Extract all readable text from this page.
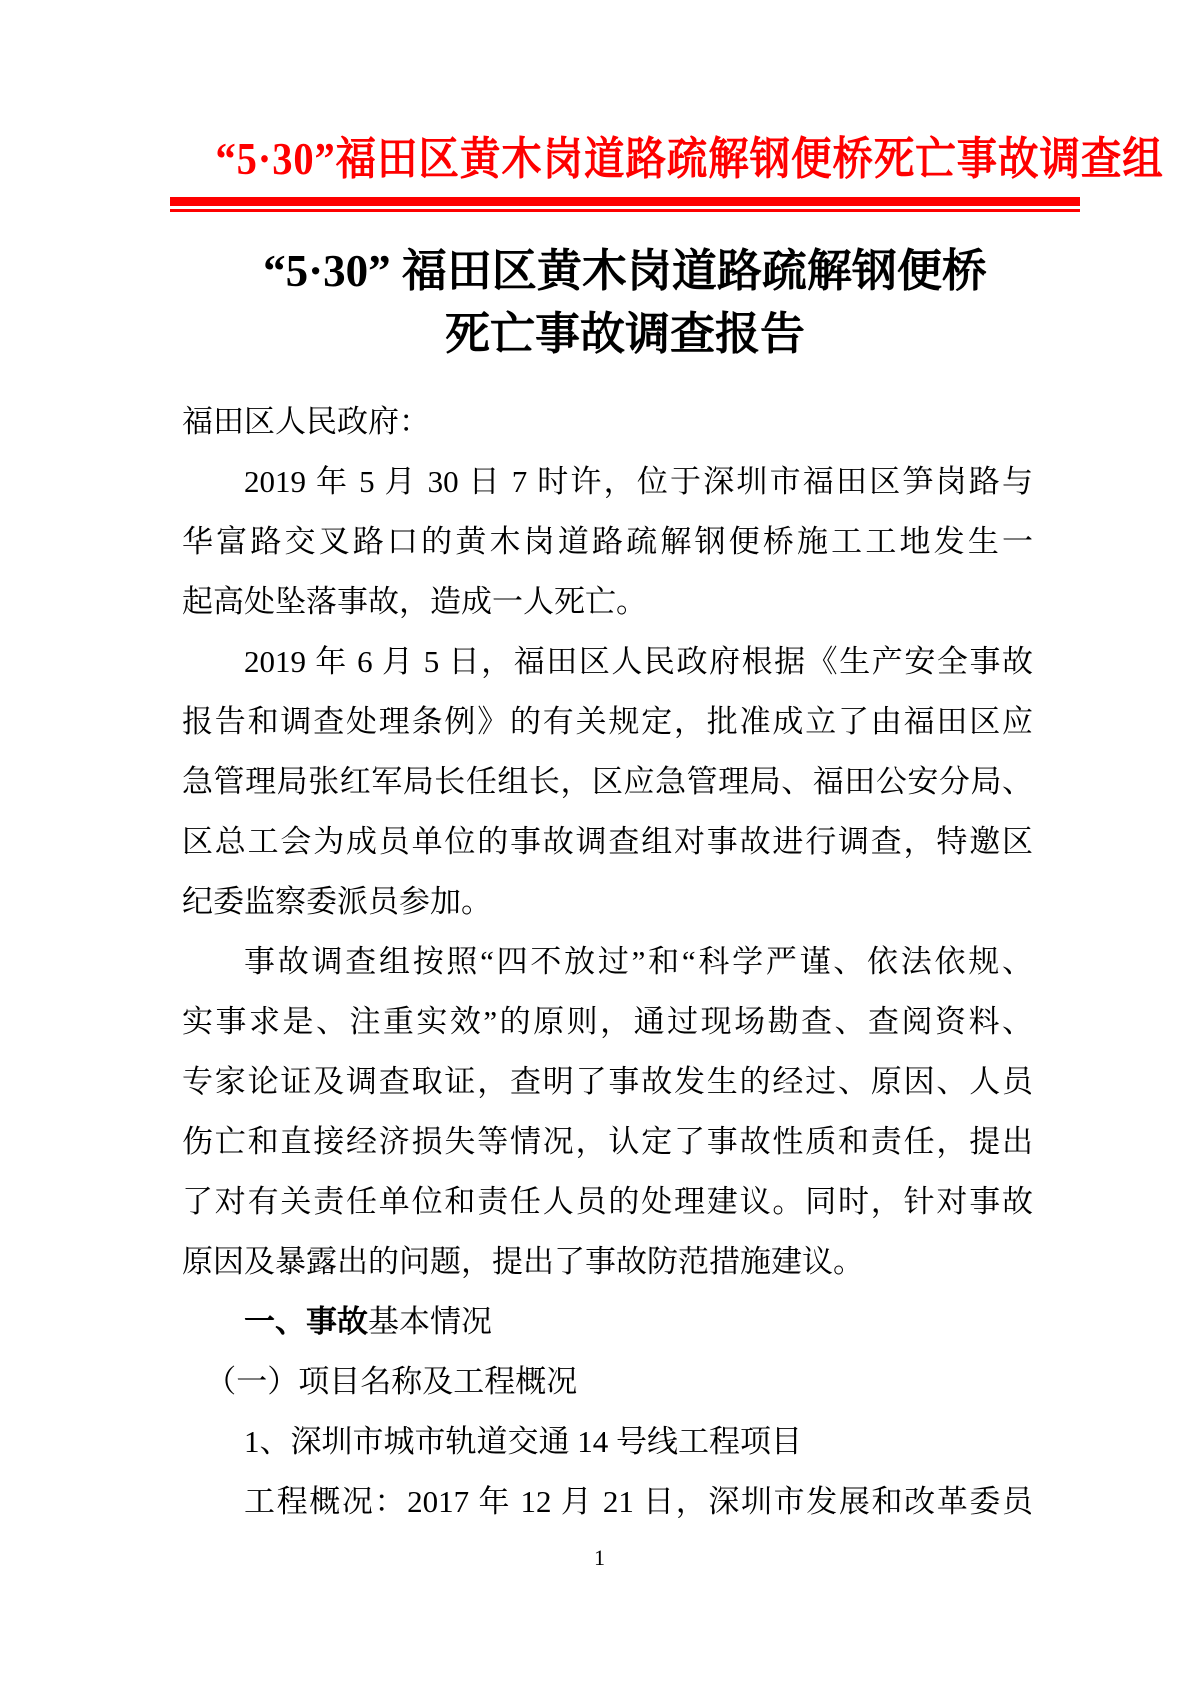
“5·30”福田区黄木岗道路疏解钢便桥死亡事故调查组
“5·30” 福田区黄木岗道路疏解钢便桥
死亡事故调查报告
福田区人民政府：
2019 年 5 月 30 日 7 时许，位于深圳市福田区笋岗路与
华富路交叉路口的黄木岗道路疏解钢便桥施工工地发生一
起高处坠落事故，造成一人死亡。
2019 年 6 月 5 日，福田区人民政府根据《生产安全事故
报告和调查处理条例》的有关规定，批准成立了由福田区应
急管理局张红军局长任组长，区应急管理局、福田公安分局、
区总工会为成员单位的事故调查组对事故进行调查，特邀区
纪委监察委派员参加。
事故调查组按照“四不放过”和“科学严谨、依法依规、
实事求是、注重实效”的原则，通过现场勘查、查阅资料、
专家论证及调查取证，查明了事故发生的经过、原因、人员
伤亡和直接经济损失等情况，认定了事故性质和责任，提出
了对有关责任单位和责任人员的处理建议。同时，针对事故
原因及暴露出的问题，提出了事故防范措施建议。
一、事故基本情况
（一）项目名称及工程概况
1、深圳市城市轨道交通 14 号线工程项目
工程概况：2017 年 12 月 21 日，深圳市发展和改革委员
1
